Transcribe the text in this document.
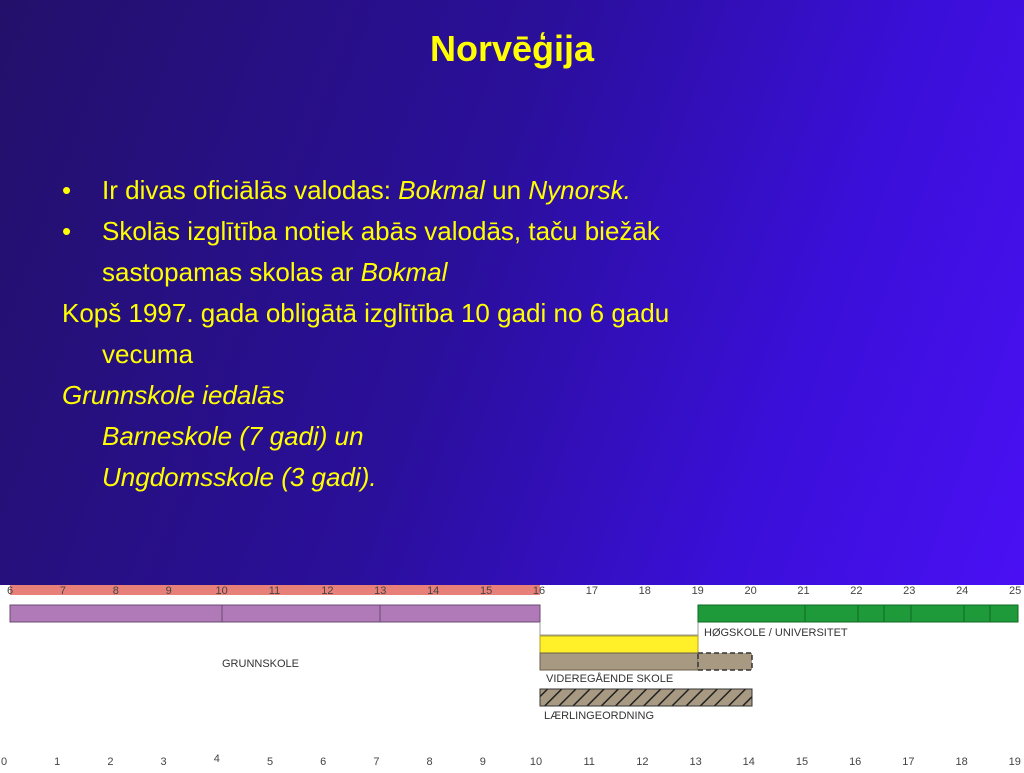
Norvēģija
• Ir divas oficiālās valodas: Bokmal un Nynorsk.
• Skolās izglītība notiek abās valodās, taču biežāk
sastopamas skolas ar Bokmal
Kopš 1997. gada obligātā izglītība 10 gadi no 6 gadu
vecuma
Grunnskole iedalās
Barneskole (7 gadi) un
Ungdomsskole (3 gadi).
6	7	8	9	10	11	12	13	14	15	16	17	18	19	20	21	22	23	24	25
GRUNNSKOLE
HØGSKOLE / UNIVERSITET
VIDEREGÅENDE SKOLE
LÆRLINGEORDNING
0	1	2	3	4	5	6	7	8	9	10	11	12	13	14	15	16	17	18	19
